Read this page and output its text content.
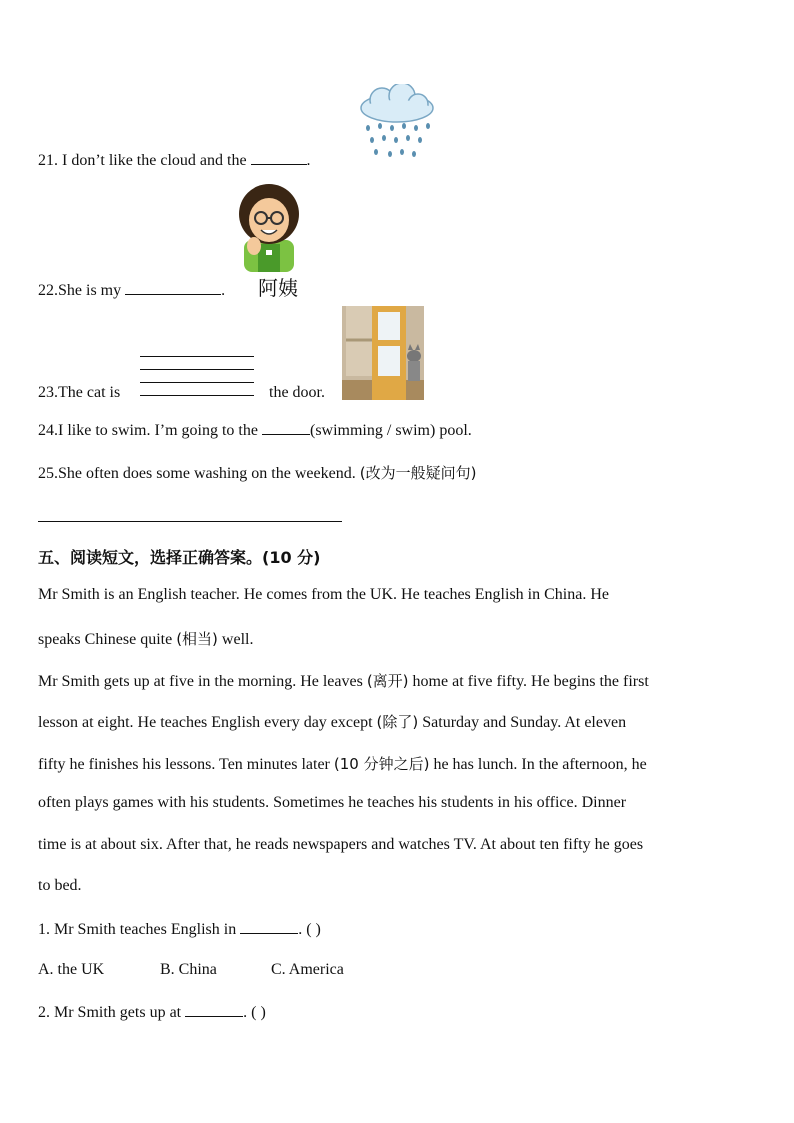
21. I don’t like the cloud and the	.
22.She is my	. 阿姨
23.The cat is	the door.
24.I like to swim. I’m going to the	(swimming / swim) pool.
25.She often does some washing on the weekend. (改为一般疑问句)
五、阅读短文，选择正确答案。(10 分)
Mr Smith is an English teacher. He comes from the UK. He teaches English in China. He
speaks Chinese quite (相当) well.
Mr Smith gets up at five in the morning. He leaves (离开) home at five fifty. He begins the first
lesson at eight. He teaches English every day except (除了) Saturday and Sunday. At eleven
fifty he finishes his lessons. Ten minutes later (10 分钟之后) he has lunch. In the afternoon, he
often plays games with his students. Sometimes he teaches his students in his office. Dinner
time is at about six. After that, he reads newspapers and watches TV. At about ten fifty he goes
to bed.
1. Mr Smith teaches English in	. ( )
A. the UK	B. China	C. America
2. Mr Smith gets up at	. ( )
